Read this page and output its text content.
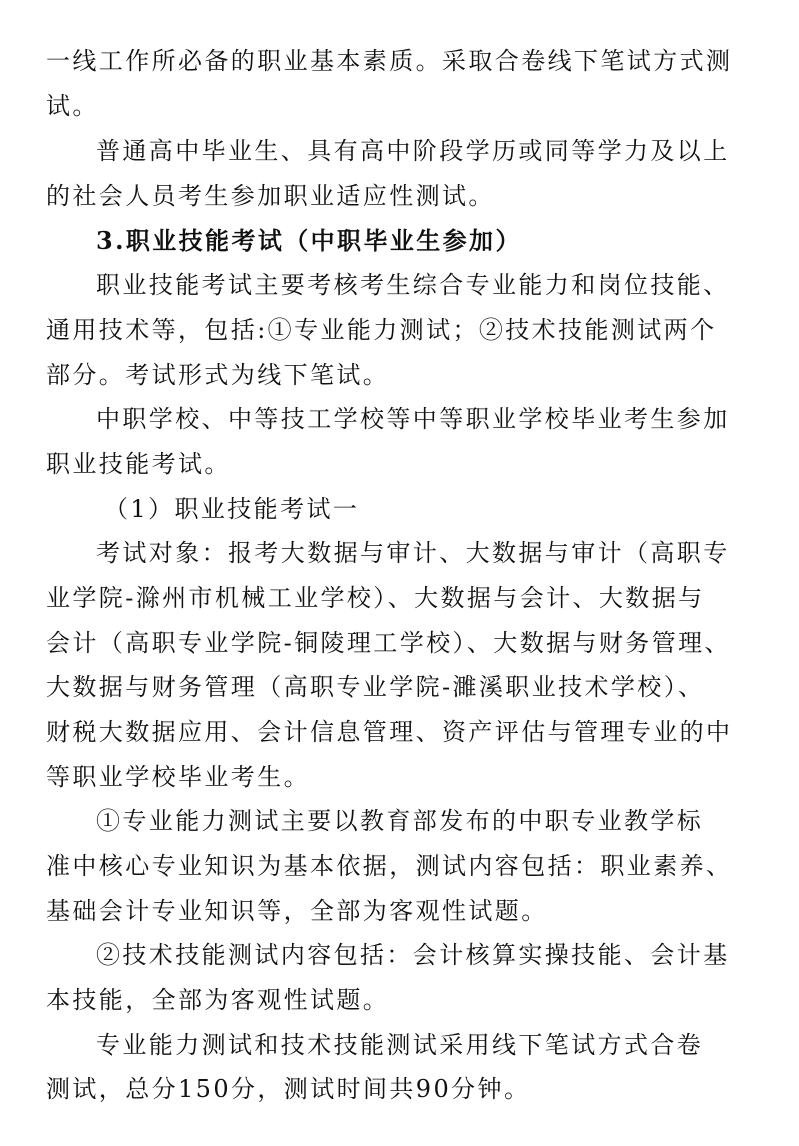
一线工作所必备的职业基本素质。采取合卷线下笔试方式测
试。
普通高中毕业生、具有高中阶段学历或同等学力及以上
的社会人员考生参加职业适应性测试。
3.职业技能考试（中职毕业生参加）
职业技能考试主要考核考生综合专业能力和岗位技能、
通用技术等，包括:①专业能力测试；②技术技能测试两个
部分。考试形式为线下笔试。
中职学校、中等技工学校等中等职业学校毕业考生参加
职业技能考试。
（1）职业技能考试一
考试对象：报考大数据与审计、大数据与审计（高职专
业学院-滁州市机械工业学校）、大数据与会计、大数据与
会计（高职专业学院-铜陵理工学校）、大数据与财务管理、
大数据与财务管理（高职专业学院-濉溪职业技术学校）、
财税大数据应用、会计信息管理、资产评估与管理专业的中
等职业学校毕业考生。
①专业能力测试主要以教育部发布的中职专业教学标
准中核心专业知识为基本依据，测试内容包括：职业素养、
基础会计专业知识等，全部为客观性试题。
②技术技能测试内容包括：会计核算实操技能、会计基
本技能，全部为客观性试题。
专业能力测试和技术技能测试采用线下笔试方式合卷
测试，总分150分，测试时间共90分钟。
